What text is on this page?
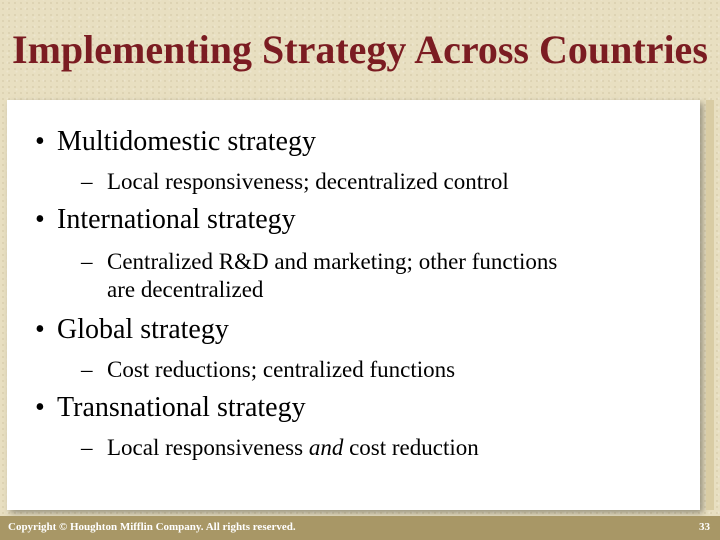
Implementing Strategy Across Countries

• Multidomestic strategy

– Local responsiveness; decentralized control

• International strategy

– Centralized R&D and marketing; other functions
are decentralized

• Global strategy

– Cost reductions; centralized functions

• Transnational strategy

– Local responsiveness and cost reduction

Copyright © Houghton Mifflin Company. All rights reserved.	33
